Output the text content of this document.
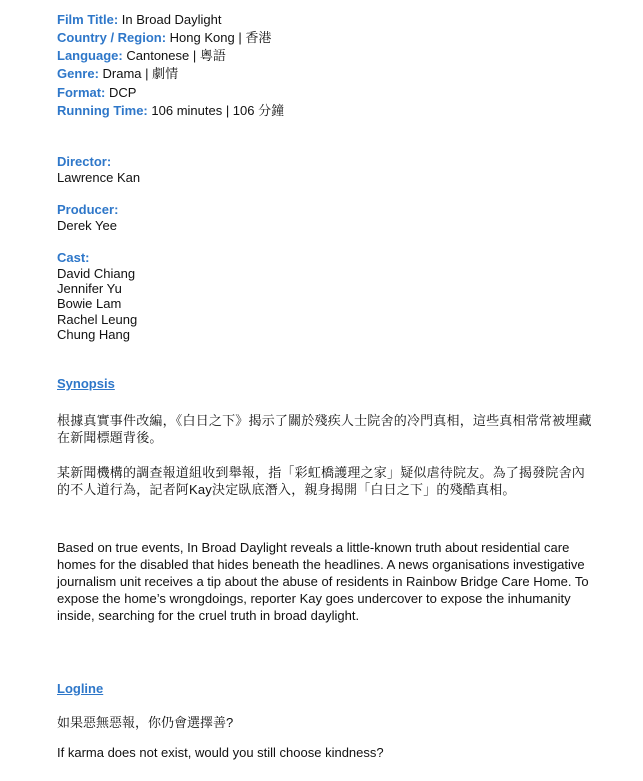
Film Title: In Broad Daylight
Country / Region: Hong Kong | 香港
Language: Cantonese | 粵語
Genre: Drama | 劇情
Format: DCP
Running Time: 106 minutes | 106 分鐘
Director:
Lawrence Kan
Producer:
Derek Yee
Cast:
David Chiang
Jennifer Yu
Bowie Lam
Rachel Leung
Chung Hang
Synopsis
根據真實事件改編，《白日之下》揭示了關於殘疾人士院舍的冷門真相，這些真相常常被埋藏在新聞標題背後。
某新聞機構的調查報道組收到舉報，指「彩虹橋護理之家」疑似虐待院友。為了揭發院舍內的不人道行為，記者阿Kay決定臥底潛入，親身揭開「白日之下」的殘酷真相。
Based on true events, In Broad Daylight reveals a little-known truth about residential care homes for the disabled that hides beneath the headlines. A news organisations investigative journalism unit receives a tip about the abuse of residents in Rainbow Bridge Care Home. To expose the home’s wrongdoings, reporter Kay goes undercover to expose the inhumanity inside, searching for the cruel truth in broad daylight.
Logline
如果惡無惡報，你仍會選擇善?
If karma does not exist, would you still choose kindness?
